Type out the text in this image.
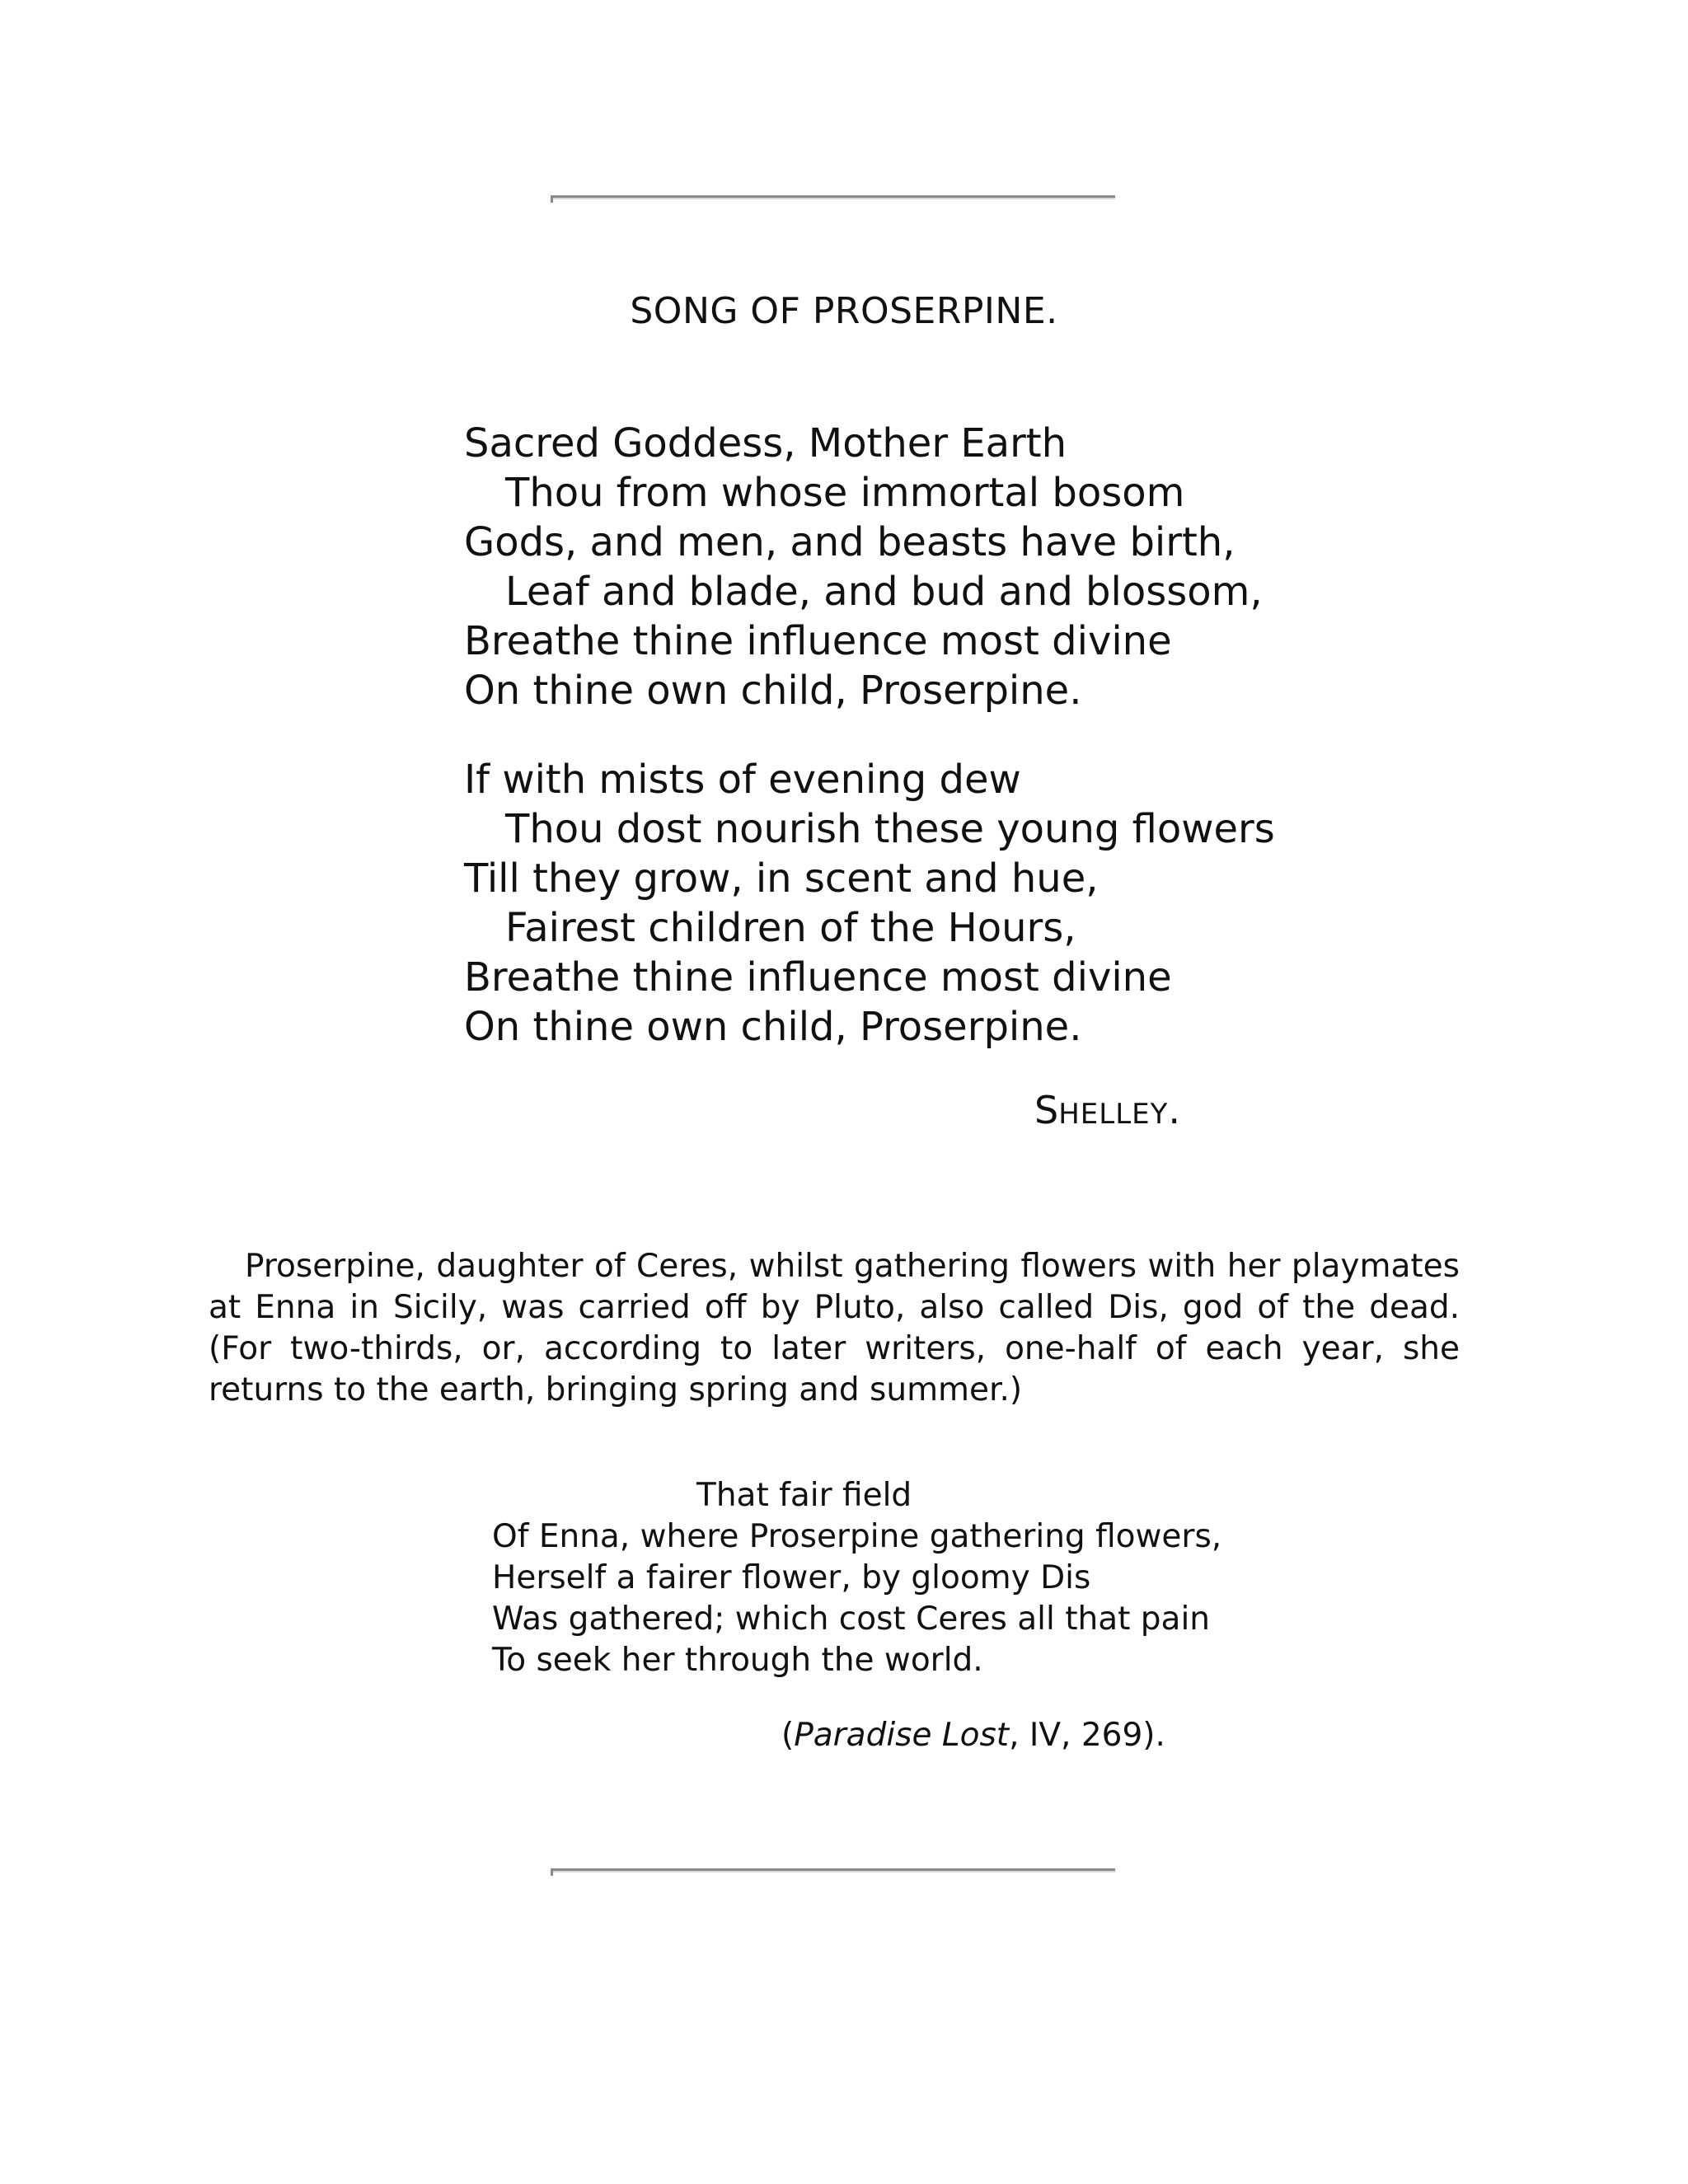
SONG OF PROSERPINE.
Sacred Goddess, Mother Earth
Thou from whose immortal bosom
Gods, and men, and beasts have birth,
Leaf and blade, and bud and blossom,
Breathe thine influence most divine
On thine own child, Proserpine.
If with mists of evening dew
Thou dost nourish these young flowers
Till they grow, in scent and hue,
Fairest children of the Hours,
Breathe thine influence most divine
On thine own child, Proserpine.
SHELLEY.
Proserpine, daughter of Ceres, whilst gathering flowers with her playmates at Enna in Sicily, was carried off by Pluto, also called Dis, god of the dead. (For two-thirds, or, according to later writers, one-half of each year, she returns to the earth, bringing spring and summer.)
That fair field
Of Enna, where Proserpine gathering flowers,
Herself a fairer flower, by gloomy Dis
Was gathered; which cost Ceres all that pain
To seek her through the world.
(Paradise Lost, IV, 269).
